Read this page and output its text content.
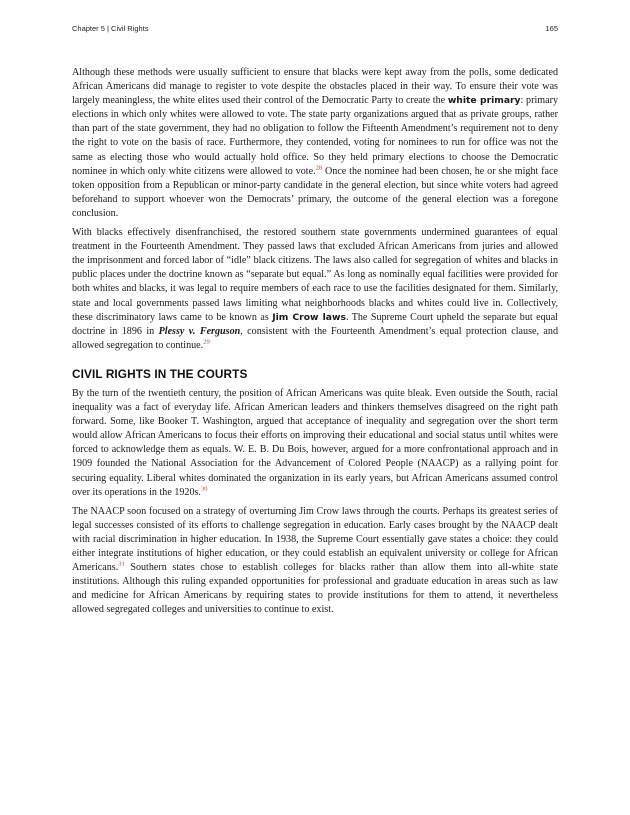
Chapter 5 | Civil Rights	165

Although these methods were usually sufficient to ensure that blacks were kept away from the polls, some dedicated African Americans did manage to register to vote despite the obstacles placed in their way. To ensure their vote was largely meaningless, the white elites used their control of the Democratic Party to create the white primary: primary elections in which only whites were allowed to vote. The state party organizations argued that as private groups, rather than part of the state government, they had no obligation to follow the Fifteenth Amendment’s requirement not to deny the right to vote on the basis of race. Furthermore, they contended, voting for nominees to run for office was not the same as electing those who would actually hold office. So they held primary elections to choose the Democratic nominee in which only white citizens were allowed to vote.$^{28}$ Once the nominee had been chosen, he or she might face token opposition from a Republican or minor-party candidate in the general election, but since white voters had agreed beforehand to support whoever won the Democrats’ primary, the outcome of the general election was a foregone conclusion.

With blacks effectively disenfranchised, the restored southern state governments undermined guarantees of equal treatment in the Fourteenth Amendment. They passed laws that excluded African Americans from juries and allowed the imprisonment and forced labor of “idle” black citizens. The laws also called for segregation of whites and blacks in public places under the doctrine known as “separate but equal.” As long as nominally equal facilities were provided for both whites and blacks, it was legal to require members of each race to use the facilities designated for them. Similarly, state and local governments passed laws limiting what neighborhoods blacks and whites could live in. Collectively, these discriminatory laws came to be known as Jim Crow laws. The Supreme Court upheld the separate but equal doctrine in 1896 in Plessy v. Ferguson, consistent with the Fourteenth Amendment’s equal protection clause, and allowed segregation to continue.$^{29}$

CIVIL RIGHTS IN THE COURTS

By the turn of the twentieth century, the position of African Americans was quite bleak. Even outside the South, racial inequality was a fact of everyday life. African American leaders and thinkers themselves disagreed on the right path forward. Some, like Booker T. Washington, argued that acceptance of inequality and segregation over the short term would allow African Americans to focus their efforts on improving their educational and social status until whites were forced to acknowledge them as equals. W. E. B. Du Bois, however, argued for a more confrontational approach and in 1909 founded the National Association for the Advancement of Colored People (NAACP) as a rallying point for securing equality. Liberal whites dominated the organization in its early years, but African Americans assumed control over its operations in the 1920s.$^{30}$

The NAACP soon focused on a strategy of overturning Jim Crow laws through the courts. Perhaps its greatest series of legal successes consisted of its efforts to challenge segregation in education. Early cases brought by the NAACP dealt with racial discrimination in higher education. In 1938, the Supreme Court essentially gave states a choice: they could either integrate institutions of higher education, or they could establish an equivalent university or college for African Americans.$^{31}$ Southern states chose to establish colleges for blacks rather than allow them into all-white state institutions. Although this ruling expanded opportunities for professional and graduate education in areas such as law and medicine for African Americans by requiring states to provide institutions for them to attend, it nevertheless allowed segregated colleges and universities to continue to exist.
